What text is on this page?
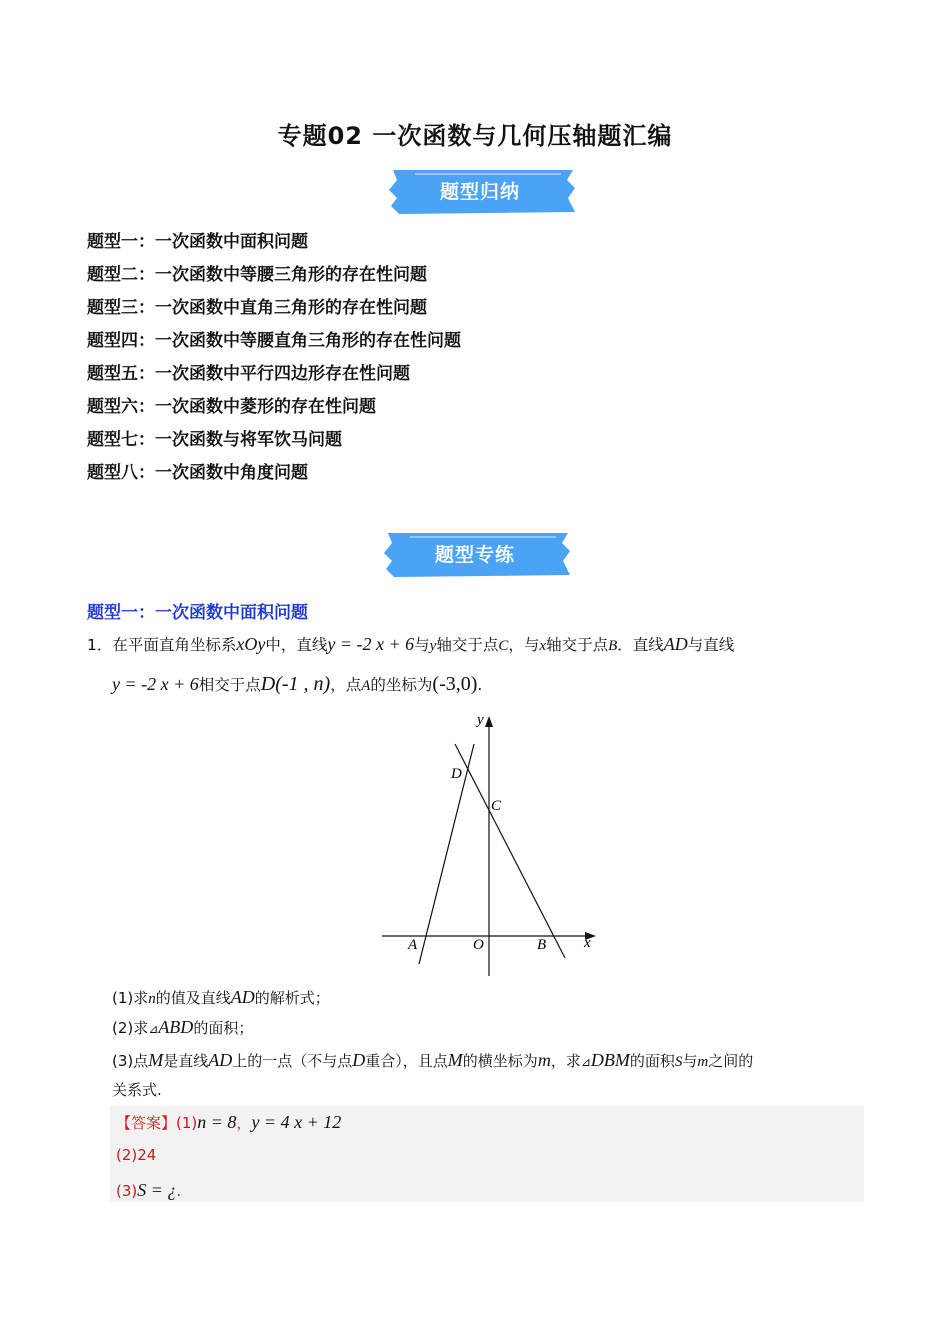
专题02 一次函数与几何压轴题汇编
题型归纳
题型一：一次函数中面积问题
题型二：一次函数中等腰三角形的存在性问题
题型三：一次函数中直角三角形的存在性问题
题型四：一次函数中等腰直角三角形的存在性问题
题型五：一次函数中平行四边形存在性问题
题型六：一次函数中菱形的存在性问题
题型七：一次函数与将军饮马问题
题型八：一次函数中角度问题
题型专练
题型一：一次函数中面积问题
1．在平面直角坐标系xOy中，直线y = -2 x + 6与y轴交于点C，与x轴交于点B．直线AD与直线
y = -2 x + 6相交于点D(-1 , n)，点A的坐标为(-3,0).
y
x
O
A	B
C
D
(1)求n的值及直线AD的解析式；
(2)求⊿ABD的面积；
(3)点M是直线AD上的一点（不与点D重合），且点M的横坐标为m，求⊿DBM的面积S与m之间的
关系式.
【答案】(1)n = 8，y = 4 x + 12
(2)24
(3)S = ¿.
